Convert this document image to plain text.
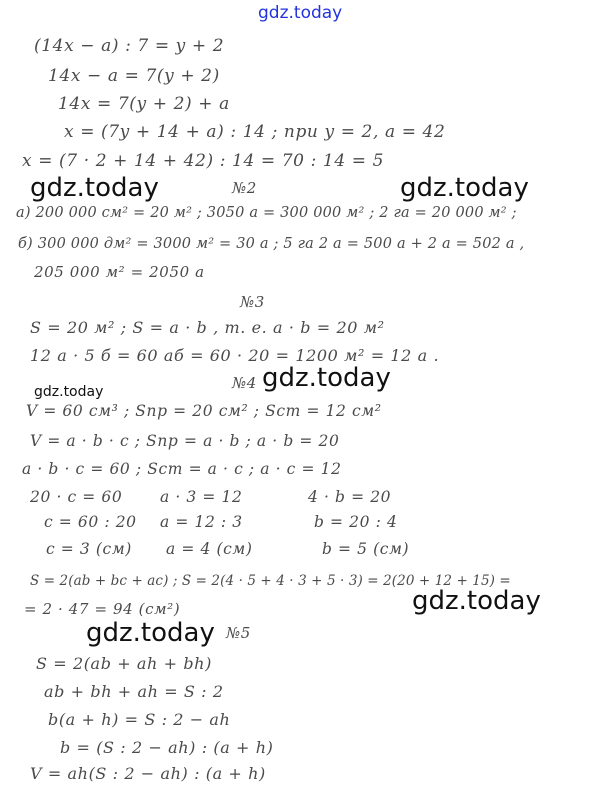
gdz.today
gdz.today	gdz.today
gdz.today
gdz.today
gdz.today
gdz.today
(14x − a) : 7 = y + 2
14x − a = 7(y + 2)
14x = 7(y + 2) + a
x = (7y + 14 + a) : 14 ; при y = 2, a = 42
x = (7 · 2 + 14 + 42) : 14 = 70 : 14 = 5
№2
а) 200 000 см² = 20 м² ; 3050 а = 300 000 м² ; 2 га = 20 000 м² ;
б) 300 000 дм² = 3000 м² = 30 а ; 5 га 2 а = 500 а + 2 а = 502 а ,
205 000 м² = 2050 а
№3
S = 20 м² ; S = a · b , т. е. a · b = 20 м²
12 а · 5 б = 60 аб = 60 · 20 = 1200 м² = 12 а .
№4
V = 60 см³ ; Sпр = 20 см² ; Sст = 12 см²
V = a · b · c ; Sпр = a · b ; a · b = 20
a · b · c = 60 ; Sст = a · c ; a · c = 12
20 · c = 60 a · 3 = 12	4 · b = 20
c = 60 : 20 a = 12 : 3	b = 20 : 4
c = 3 (см) a = 4 (см)	b = 5 (см)
S = 2(ab + bc + ac) ; S = 2(4 · 5 + 4 · 3 + 5 · 3) = 2(20 + 12 + 15) =
= 2 · 47 = 94 (см²)
№5
S = 2(ab + ah + bh)
ab + bh + ah = S : 2
b(a + h) = S : 2 − ah
b = (S : 2 − ah) : (a + h)
V = ah(S : 2 − ah) : (a + h)
